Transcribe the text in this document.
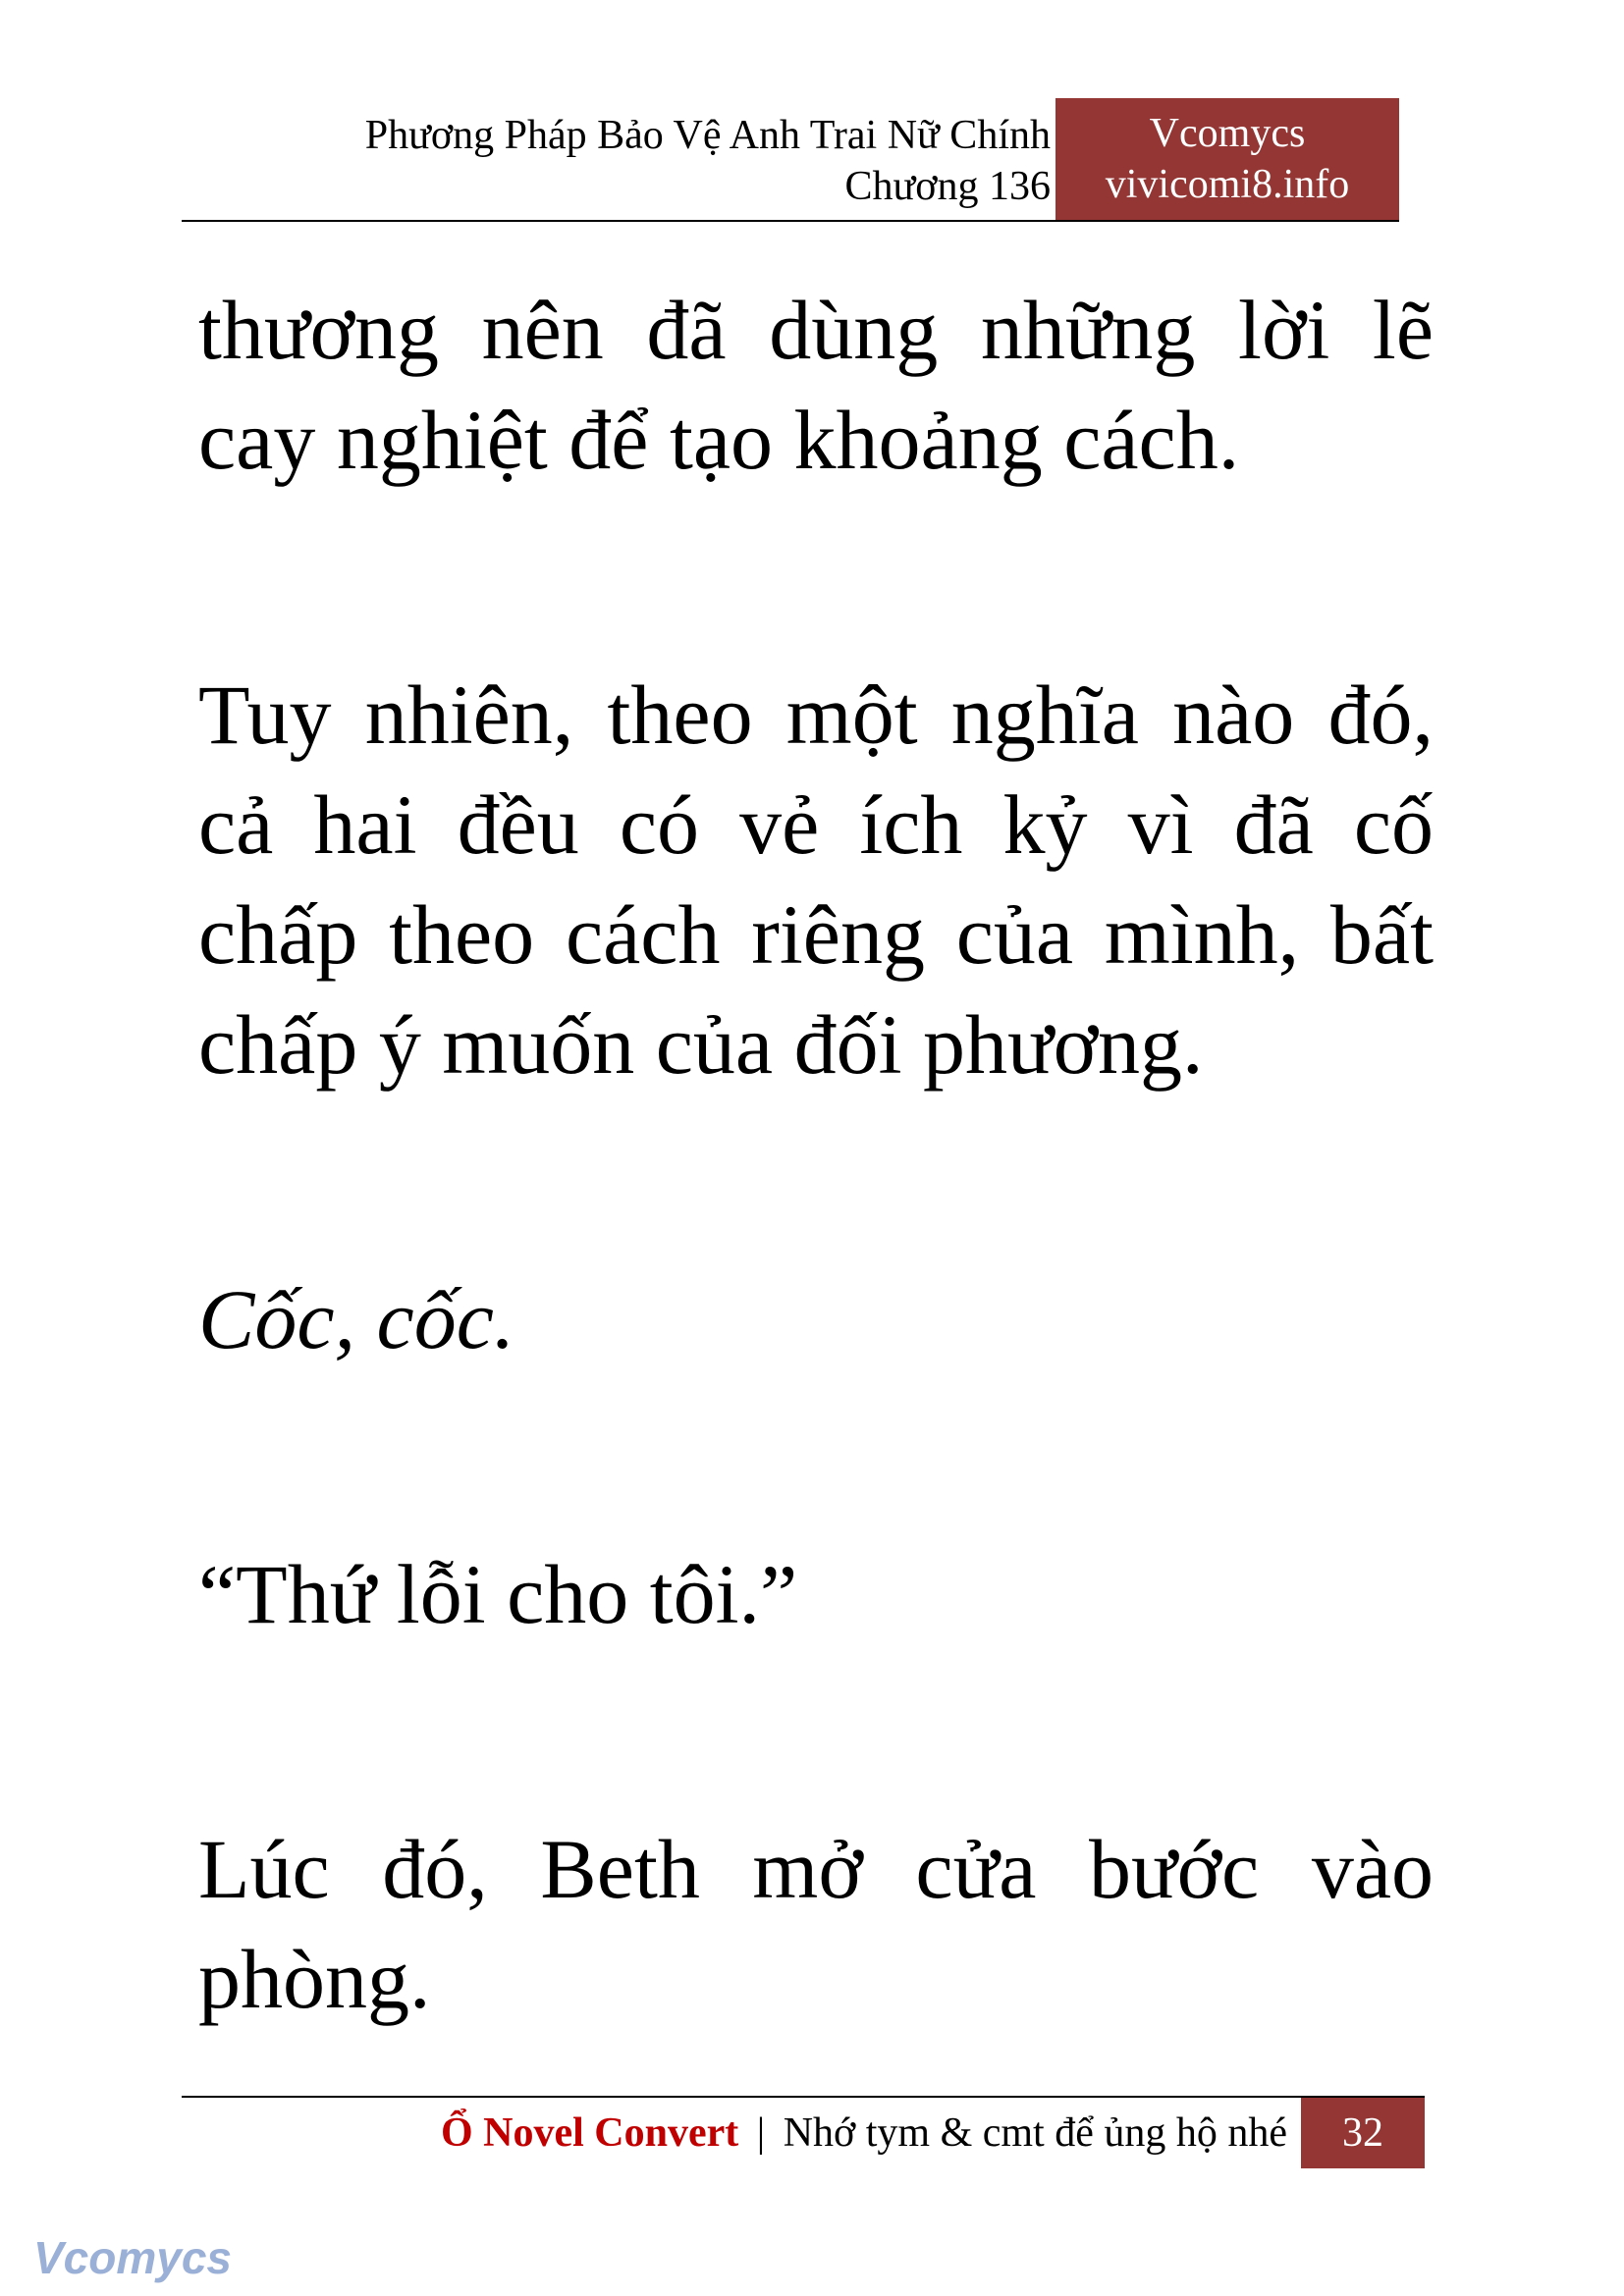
Phương Pháp Bảo Vệ Anh Trai Nữ Chính
Chương 136
Vcomycs
vivicomi8.info

thương nên đã dùng những lời lẽ cay nghiệt để tạo khoảng cách.

Tuy nhiên, theo một nghĩa nào đó, cả hai đều có vẻ ích kỷ vì đã cố chấp theo cách riêng của mình, bất chấp ý muốn của đối phương.

Cốc, cốc.

“Thứ lỗi cho tôi.”

Lúc đó, Beth mở cửa bước vào phòng.

Ổ Novel Convert | Nhớ tym & cmt để ủng hộ nhé	32
Vcomycs
